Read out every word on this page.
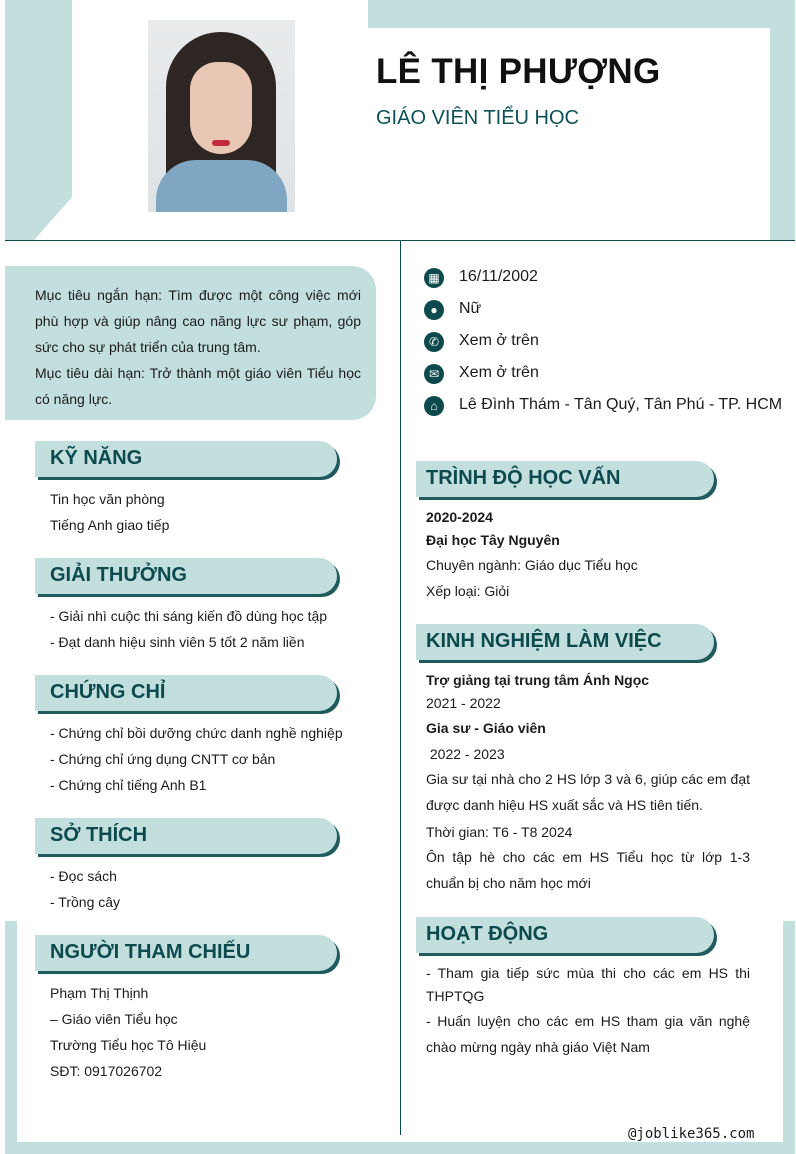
LÊ THỊ PHƯỢNG
GIÁO VIÊN TIỂU HỌC

Mục tiêu ngắn hạn: Tìm được một công việc mới phù hợp và giúp nâng cao năng lực sư phạm, góp sức cho sự phát triển của trung tâm.

Mục tiêu dài hạn: Trở thành một giáo viên Tiểu học có năng lực.

▦ 16/11/2002
●	Nữ
✆	Xem ở trên
✉	Xem ở trên
⌂	Lê Đình Thám - Tân Quý, Tân Phú - TP. HCM
KỸ NĂNG
Tin học văn phòng
Tiếng Anh giao tiếp
GIẢI THƯỞNG
- Giải nhì cuộc thi sáng kiến đồ dùng học tập
- Đạt danh hiệu sinh viên 5 tốt 2 năm liền
CHỨNG CHỈ
- Chứng chỉ bồi dưỡng chức danh nghề nghiệp
- Chứng chỉ ứng dụng CNTT cơ bản
- Chứng chỉ tiếng Anh B1
SỞ THÍCH
- Đọc sách
- Trồng cây
NGƯỜI THAM CHIẾU
Phạm Thị Thịnh
– Giáo viên Tiểu học
Trường Tiểu học Tô Hiệu
SĐT: 0917026702
TRÌNH ĐỘ HỌC VẤN
2020-2024
Đại học Tây Nguyên
Chuyên ngành: Giáo dục Tiểu học
Xếp loại: Giỏi
KINH NGHIỆM LÀM VIỆC
Trợ giảng tại trung tâm Ánh Ngọc
2021 - 2022
Gia sư - Giáo viên
2022 - 2023
Gia sư tại nhà cho 2 HS lớp 3 và 6, giúp các em đạt được danh hiệu HS xuất sắc và HS tiên tiến.
Thời gian: T6 - T8 2024
Ôn tập hè cho các em HS Tiểu học từ lớp 1-3 chuẩn bị cho năm học mới
HOẠT ĐỘNG
- Tham gia tiếp sức mùa thi cho các em HS thi THPTQG
- Huấn luyện cho các em HS tham gia văn nghệ chào mừng ngày nhà giáo Việt Nam
@joblike365.com
